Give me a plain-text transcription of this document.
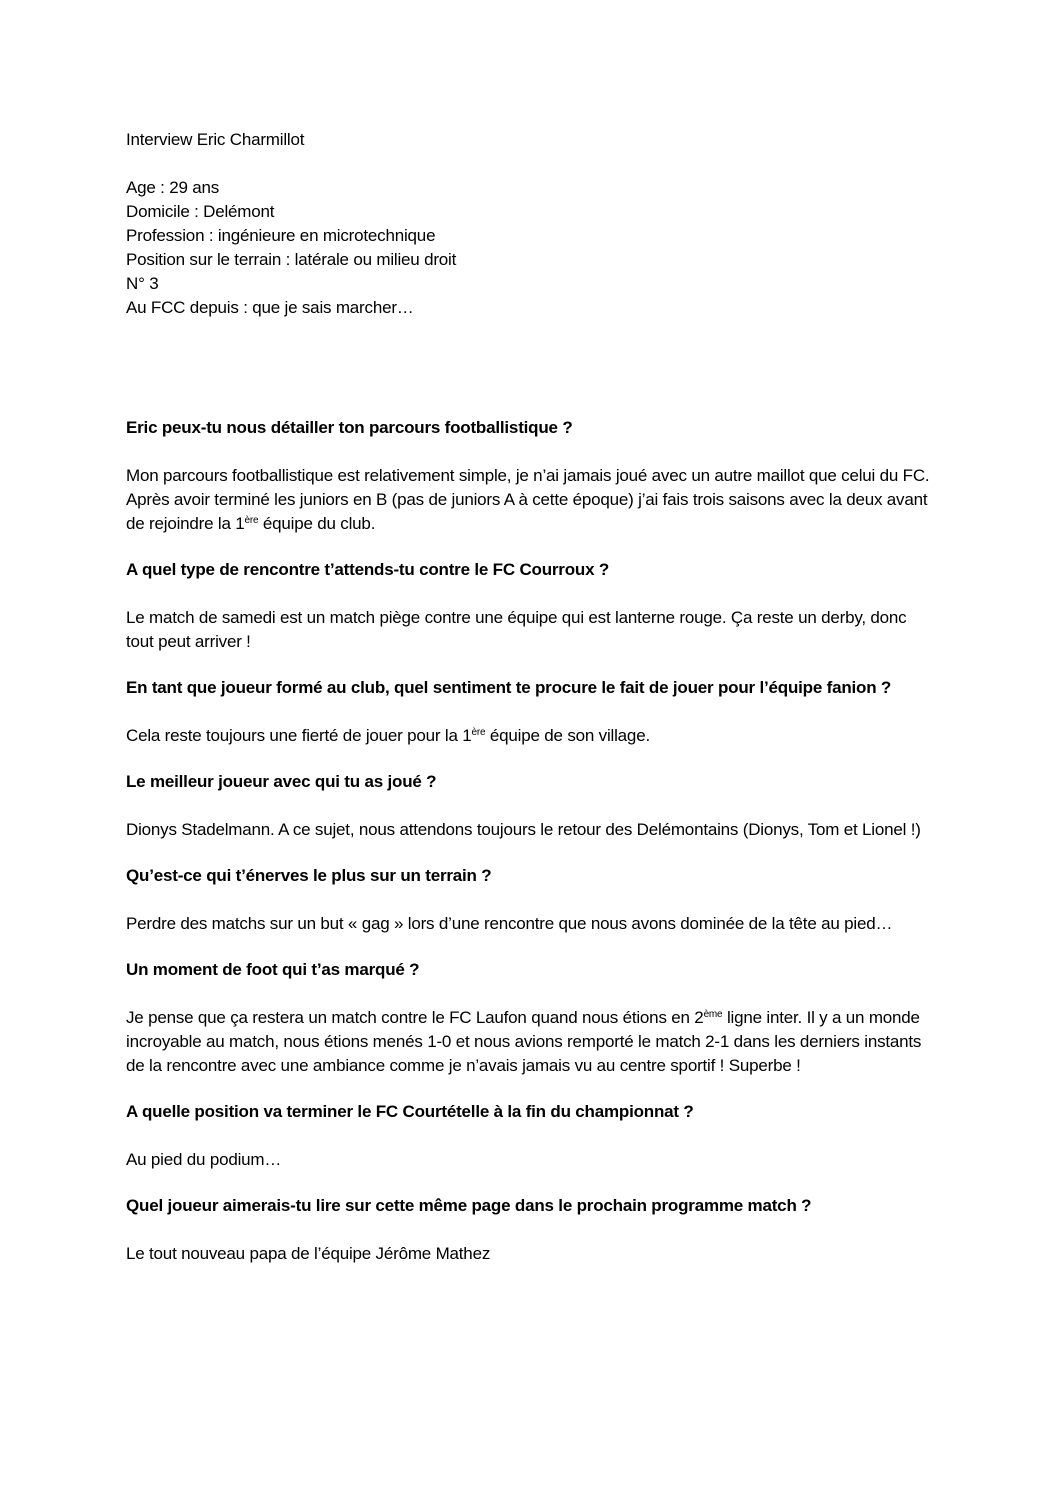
Interview Eric Charmillot

Age : 29 ans

Domicile : Delémont

Profession : ingénieure en microtechnique

Position sur le terrain : latérale ou milieu droit

N° 3

Au FCC depuis : que je sais marcher…

Eric peux-tu nous détailler ton parcours footballistique ?

Mon parcours footballistique est relativement simple, je n’ai jamais joué avec un autre maillot que celui du FC. Après avoir terminé les juniors en B (pas de juniors A à cette époque) j’ai fais trois saisons avec la deux avant de rejoindre la 1ère équipe du club.

A quel type de rencontre t’attends-tu contre le FC Courroux ?

Le match de samedi est un match piège contre une équipe qui est lanterne rouge. Ça reste un derby, donc tout peut arriver !

En tant que joueur formé au club, quel sentiment te procure le fait de jouer pour l’équipe fanion ?

Cela reste toujours une fierté de jouer pour la 1ère équipe de son village.

Le meilleur joueur avec qui tu as joué ?

Dionys Stadelmann. A ce sujet, nous attendons toujours le retour des Delémontains (Dionys, Tom et Lionel !)

Qu’est-ce qui t’énerves le plus sur un terrain ?

Perdre des matchs sur un but « gag » lors d’une rencontre que nous avons dominée de la tête au pied…

Un moment de foot qui t’as marqué ?

Je pense que ça restera un match contre le FC Laufon quand nous étions en 2ème ligne inter. Il y a un monde incroyable au match, nous étions menés 1-0 et nous avions remporté le match 2-1 dans les derniers instants de la rencontre avec une ambiance comme je n’avais jamais vu au centre sportif ! Superbe !

A quelle position va terminer le FC Courtételle à la fin du championnat ?

Au pied du podium…

Quel joueur aimerais-tu lire sur cette même page dans le prochain programme match ?

Le tout nouveau papa de l’équipe Jérôme Mathez
